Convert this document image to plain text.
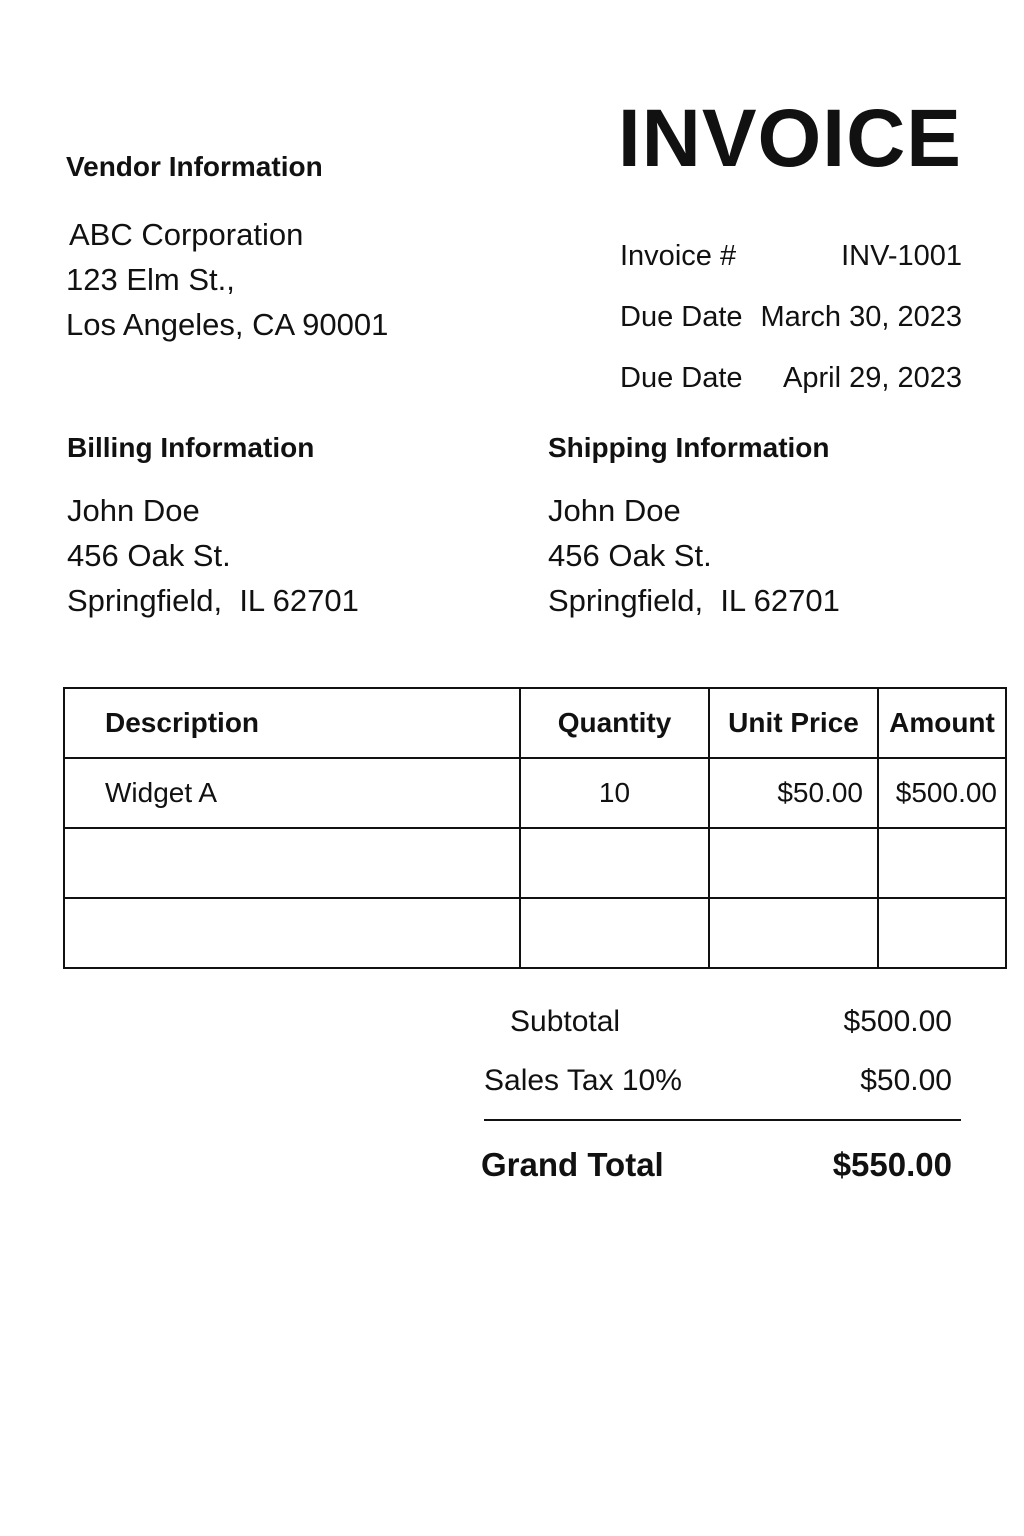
INVOICE
Vendor Information
ABC Corporation
123 Elm St.,
Los Angeles, CA 90001
Invoice #	INV-1001
Due Date March 30, 2023
Due Date April 29, 2023
Billing Information
John Doe
456 Oak St.
Springfield,  IL 62701
Shipping Information
John Doe
456 Oak St.
Springfield,  IL 62701
Description	Quantity	Unit Price	Amount
Widget A	10	$50.00	$500.00

Subtotal	$500.00
Sales Tax 10%	$50.00
Grand Total	$550.00
